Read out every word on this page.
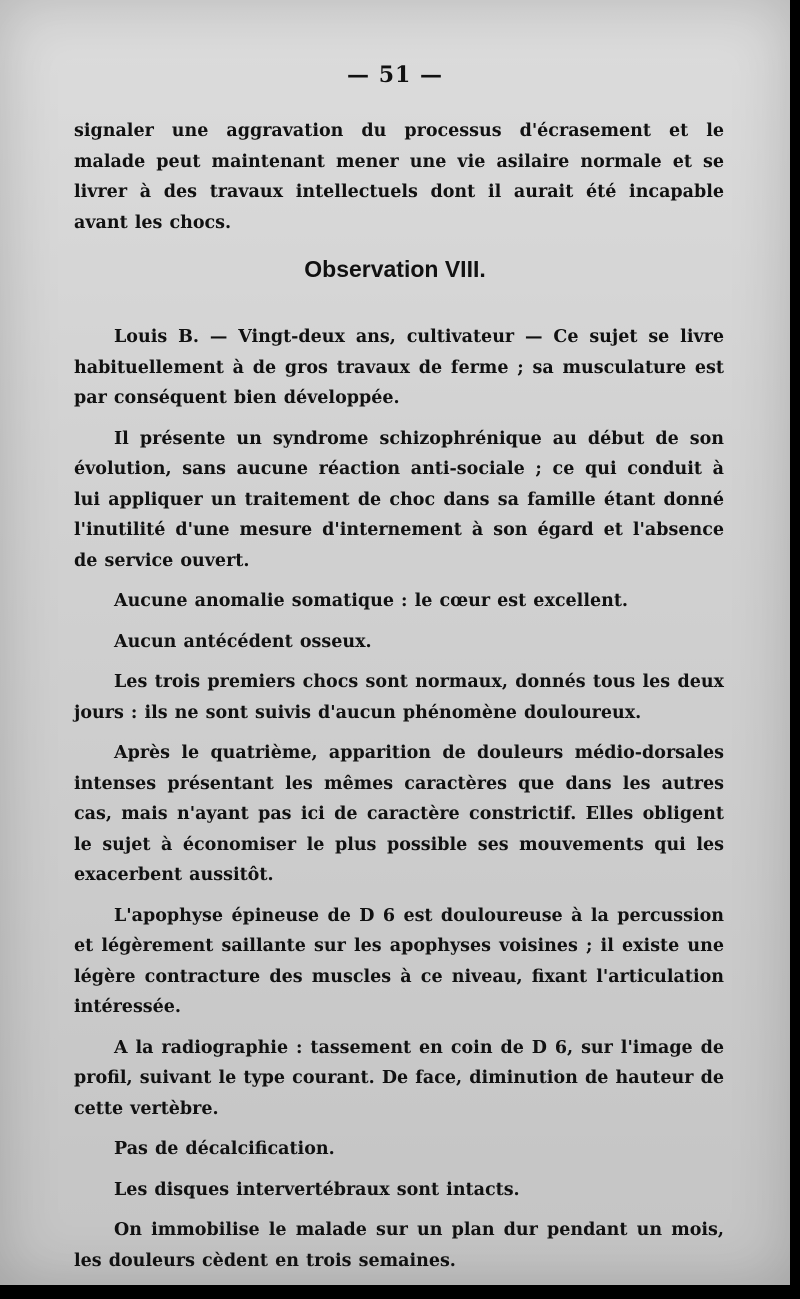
— 51 —

signaler une aggravation du processus d'écrasement et le malade peut maintenant mener une vie asilaire normale et se livrer à des travaux intellectuels dont il aurait été incapable avant les chocs.

Observation VIII.

Louis B. — Vingt-deux ans, cultivateur — Ce sujet se livre habituellement à de gros travaux de ferme ; sa musculature est par conséquent bien développée.

Il présente un syndrome schizophrénique au début de son évolution, sans aucune réaction anti-sociale ; ce qui conduit à lui appliquer un traitement de choc dans sa famille étant donné l'inutilité d'une mesure d'internement à son égard et l'absence de service ouvert.

Aucune anomalie somatique : le cœur est excellent.

Aucun antécédent osseux.

Les trois premiers chocs sont normaux, donnés tous les deux jours : ils ne sont suivis d'aucun phénomène douloureux.

Après le quatrième, apparition de douleurs médio-dorsales intenses présentant les mêmes caractères que dans les autres cas, mais n'ayant pas ici de caractère constrictif. Elles obligent le sujet à économiser le plus possible ses mouvements qui les exacerbent aussitôt.

L'apophyse épineuse de D 6 est douloureuse à la percussion et légèrement saillante sur les apophyses voisines ; il existe une légère contracture des muscles à ce niveau, fixant l'articulation intéressée.

A la radiographie : tassement en coin de D 6, sur l'image de profil, suivant le type courant. De face, diminution de hauteur de cette vertèbre.

Pas de décalcification.

Les disques intervertébraux sont intacts.

On immobilise le malade sur un plan dur pendant un mois, les douleurs cèdent en trois semaines.
